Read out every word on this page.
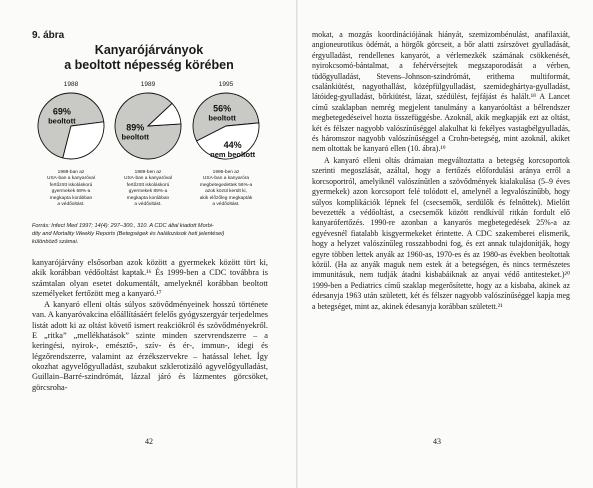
9. ábra
Kanyarójárványok
a beoltott népesség körében
1988	1989	1995
69%
beoltott
89%
beoltott
56%
beoltott
44%
nem beoltott
1988-ban az
USA-ban a kanyaróval
fertőzött iskoláskorú
gyermekek 69%-a
megkapta korábban
a védőoltást.
1989-ben az
USA-ban a kanyaróval
fertőzött iskoláskorú
gyermekek 89%-a
megkapta korábban
a védőoltást.
1995-ben az
USA-ban a kanyaróra
megbetegedettek 56%-a
azok közül került ki,
akik előzőleg megkapták
a védőoltást.
Forrás: Infect Med 1997; 14(4): 297–300., 310. A CDC által kiadott Morbi-
dity and Mortality Weekly Reports (Betegségek és halálozások heti jelentései)
különböző számai.

kanyarójárvány elsősorban azok között a gyermekek között tört ki, akik korábban védőoltást kaptak.¹⁶ És 1999-ben a CDC továbbra is számtalan olyan esetet dokumentált, amelyeknél korábban beoltott személyeket fertőzött meg a kanyaró.¹⁷

A kanyaró elleni oltás súlyos szövődményeinek hosszú története van. A kanyaróvakcina előállításáért felelős gyógyszergyár terjedelmes listát adott ki az oltást követő ismert reakciókról és szövődményekről. E „ritka” „mellékhatások” szinte minden szervrendszerre – a keringési, nyirok-, emésztő-, szív- és ér-, immun-, idegi és légzőrendszerre, valamint az érzékszervekre – hatással lehet. Így okozhat agyvelőgyulladást, szubakut szklerotizáló agyvelőgyulladást, Guillain–Barré-szindrómát, lázzal járó és lázmentes görcsöket, görcsroha-

42

mokat, a mozgás koordinációjának hiányát, szemizombénulást, anafilaxiát, angioneurotikus ödémát, a hörgők görcseit, a bőr alatti zsírszövet gyulladását, érgyulladást, rendellenes kanyarót, a vérlemezkék számának csökkenését, nyirokcsomó-bántalmat, a fehérvérsejtek megszaporodását a vérben, tüdőgyulladást, Stevens–Johnson-szindrómát, erithema multiformát, csalánkiütést, nagyothallást, középfülgyulladást, szemideghártya-gyulladást, látóideg-gyulladást, bőrkiütést, lázat, szédülést, fejfájást és halált.¹⁸ A Lancet című szaklapban nemrég megjelent tanulmány a kanyaróoltást a bélrendszer megbetegedéseivel hozta összefüggésbe. Azoknál, akik megkapják ezt az oltást, két és félszer nagyobb valószínűséggel alakulhat ki fekélyes vastagbélgyulladás, és háromszor nagyobb valószínűséggel a Crohn-betegség, mint azoknál, akiket nem oltottak be kanyaró ellen (10. ábra).¹⁹

A kanyaró elleni oltás drámaian megváltoztatta a betegség korcsoportok szerinti megoszlását, azáltal, hogy a fertőzés előfordulási aránya erről a korcsoportról, amelyiknél valószínűtlen a szövődmények kialakulása (5–9 éves gyermekek) azon korcsoport felé tolódott el, amelynél a legvalószínűbb, hogy súlyos komplikációk lépnek fel (csecsemők, serdülők és felnőttek). Mielőtt bevezették a védőoltást, a csecsemők között rendkívül ritkán fordult elő kanyarófertőzés. 1990-re azonban a kanyarós megbetegedések 25%-a az egyévesnél fiatalabb kisgyermekeket érintette. A CDC szakemberei elismerik, hogy a helyzet valószínűleg rosszabbodni fog, és ezt annak tulajdonítják, hogy egyre többen lettek anyák az 1960-as, 1970-es és az 1980-as években beoltottak közül. (Ha az anyák maguk nem estek át a betegségen, és nincs természetes immunitásuk, nem tudják átadni kisbabáiknak az anyai védő antitesteket.)²⁰ 1999-ben a Pediatrics című szaklap megerősítette, hogy az a kisbaba, akinek az édesanyja 1963 után született, két és félszer nagyobb valószínűséggel kapja meg a betegséget, mint az, akinek édesanyja korábban született.²¹

43
